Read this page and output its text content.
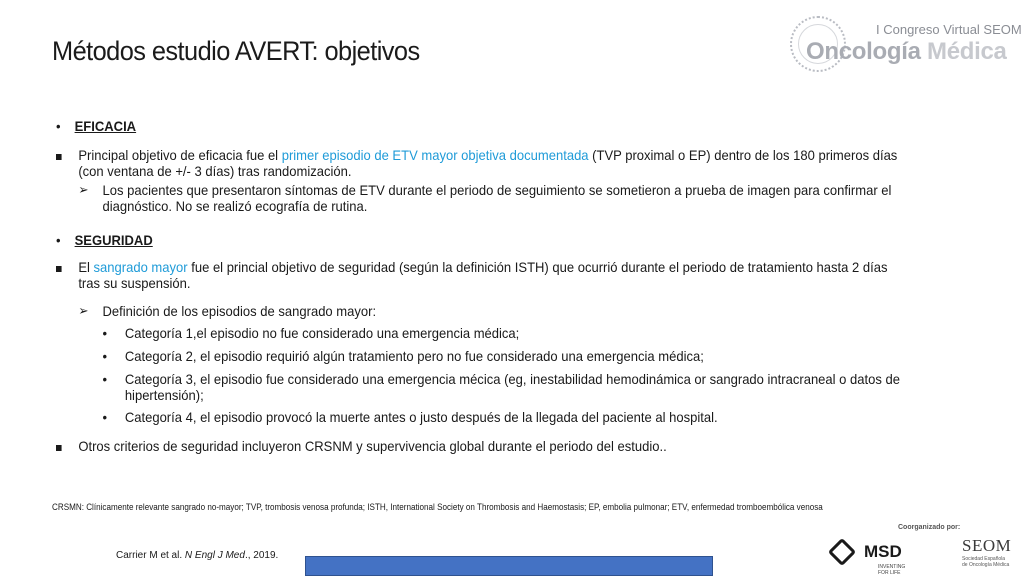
Métodos estudio AVERT: objetivos
I Congreso Virtual SEOM
Oncología Médica
•	EFICACIA
Principal objetivo de eficacia fue el primer episodio de ETV mayor objetiva documentada (TVP proximal o EP) dentro de los 180 primeros días (con ventana de +/- 3 días) tras randomización.
➢ Los pacientes que presentaron síntomas de ETV durante el periodo de seguimiento se sometieron a prueba de imagen para confirmar el diagnóstico. No se realizó ecografía de rutina.
•	SEGURIDAD
El sangrado mayor fue el princial objetivo de seguridad (según la definición ISTH) que ocurrió durante el periodo de tratamiento hasta 2 días tras su suspensión.
➢ Definición de los episodios de sangrado mayor:
•	Categoría 1,el episodio no fue considerado una emergencia médica;
•	Categoría 2, el episodio requirió algún tratamiento pero no fue considerado una emergencia médica;
•	Categoría 3, el episodio fue considerado una emergencia mécica (eg, inestabilidad hemodinámica or sangrado intracraneal o datos de hipertensión);
•	Categoría 4, el episodio provocó la muerte antes o justo después de la llegada del paciente al hospital.
Otros criterios de seguridad incluyeron CRSNM y supervivencia global durante el periodo del estudio..
CRSMN: Clínicamente relevante sangrado no-mayor; TVP, trombosis venosa profunda; ISTH, International Society on Thrombosis and Haemostasis; EP, embolia pulmonar; ETV, enfermedad tromboembólica venosa
Carrier M et al. N Engl J Med., 2019.
Coorganizado por:
MSD
INVENTING FOR LIFE
SEOM
Sociedad Española
de Oncología Médica
